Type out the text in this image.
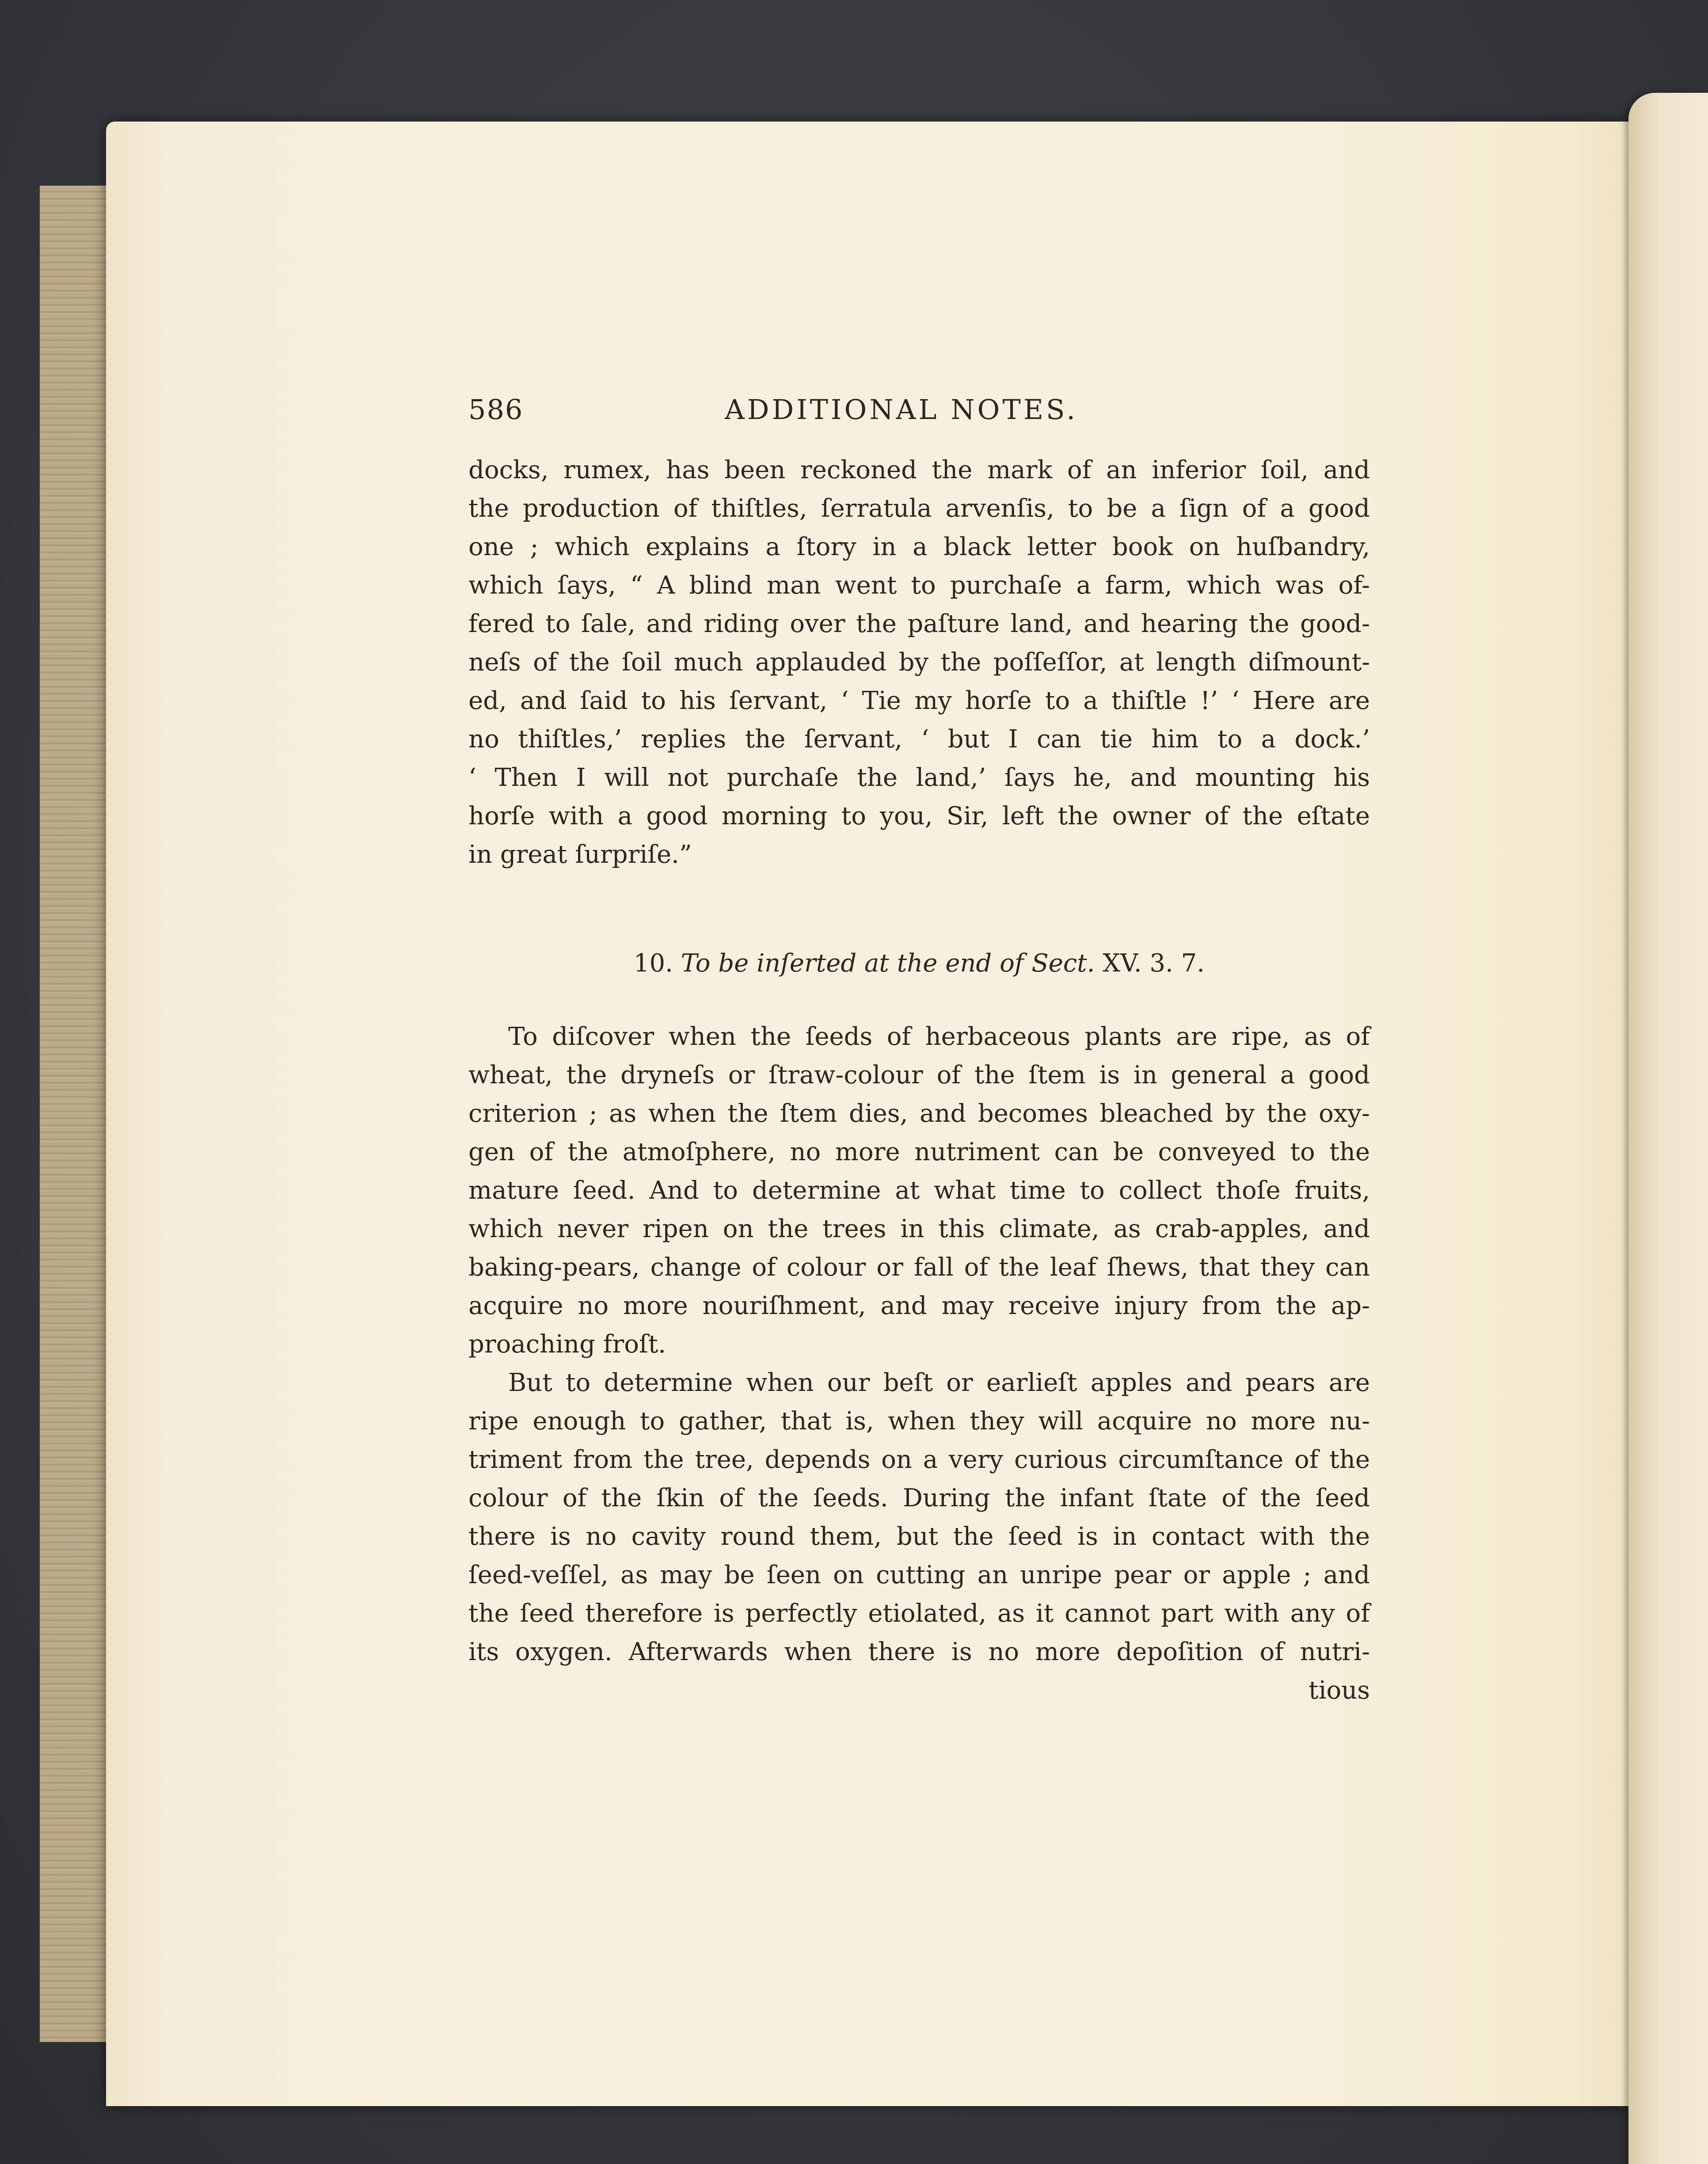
586	ADDITIONAL NOTES.
docks, rumex, has been reckoned the mark of an inferior ſoil, and
the production of thiſtles, ſerratula arvenſis, to be a ſign of a good
one ; which explains a ſtory in a black letter book on huſbandry,
which ſays, “ A blind man went to purchaſe a farm, which was of-
fered to ſale, and riding over the paſture land, and hearing the good-
neſs of the ſoil much applauded by the poſſeſſor, at length diſmount-
ed, and ſaid to his ſervant, ‘ Tie my horſe to a thiſtle !’ ‘ Here are
no thiſtles,’ replies the ſervant, ‘ but I can tie him to a dock.’
‘ Then I will not purchaſe the land,’ ſays he, and mounting his
horſe with a good morning to you, Sir, left the owner of the eſtate
in great ſurpriſe.”
10. To be inſerted at the end of Sect. XV. 3. 7.
To diſcover when the ſeeds of herbaceous plants are ripe, as of
wheat, the dryneſs or ſtraw-colour of the ſtem is in general a good
criterion ; as when the ſtem dies, and becomes bleached by the oxy-
gen of the atmoſphere, no more nutriment can be conveyed to the
mature ſeed. And to determine at what time to collect thoſe fruits,
which never ripen on the trees in this climate, as crab-apples, and
baking-pears, change of colour or fall of the leaf ſhews, that they can
acquire no more nouriſhment, and may receive injury from the ap-
proaching froſt.
But to determine when our beſt or earlieſt apples and pears are
ripe enough to gather, that is, when they will acquire no more nu-
triment from the tree, depends on a very curious circumſtance of the
colour of the ſkin of the ſeeds. During the infant ſtate of the ſeed
there is no cavity round them, but the ſeed is in contact with the
ſeed-veſſel, as may be ſeen on cutting an unripe pear or apple ; and
the ſeed therefore is perfectly etiolated, as it cannot part with any of
its oxygen. Afterwards when there is no more depoſition of nutri-
tious
